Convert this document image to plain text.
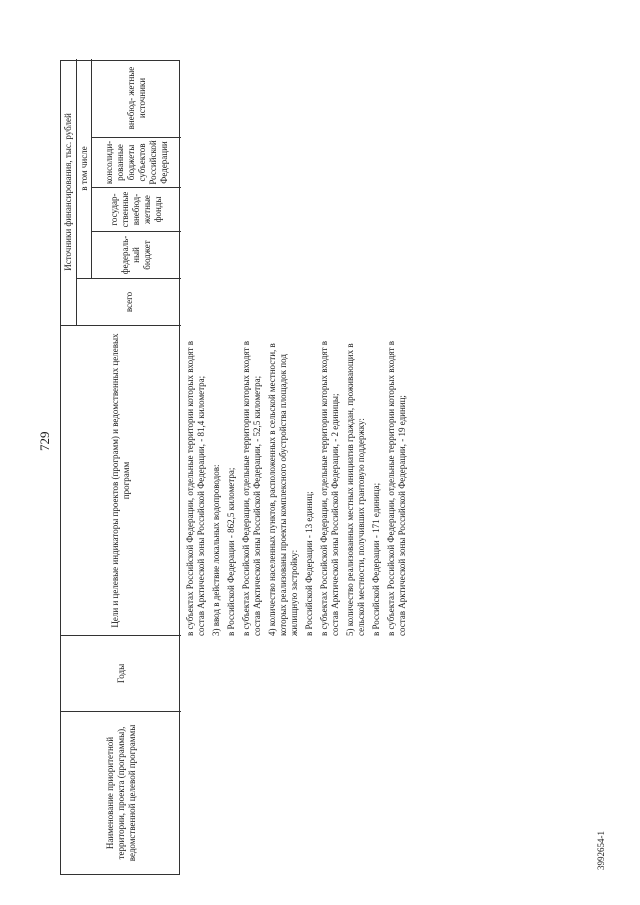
729
3992654-1
Наименование приоритетной территории, проекта (программы), ведомственной целевой программы
Годы
Цели и целевые индикаторы проектов (программ) и ведомственных целевых программ
Источники финансирования, тыс. рублей
всего
в том числе
федераль- ный бюджет
государ- ственные внебюд- жетные фонды
консолиди- рованные бюджеты субъектов Российской Федерации
внебюд- жетные источники

в субъектах Российской Федерации, отдельные территории которых входят в состав Арктической зоны Российской Федерации, - 81,4 километра; 3) ввод в действие локальных водопроводов: в Российской Федерации - 862,5 километра; в субъектах Российской Федерации, отдельные территории которых входят в состав Арктической зоны Российской Федерации, - 52,5 километра; 4) количество населенных пунктов, расположенных в сельской местности, в которых реализованы проекты комплексного обустройства площадок под жилищную застройку: в Российской Федерации - 13 единиц; в субъектах Российской Федерации, отдельные территории которых входят в состав Арктической зоны Российской Федерации, - 2 единицы; 5) количество реализованных местных инициатив граждан, проживающих в сельской местности, получивших грантовую поддержку: в Российской Федерации - 171 единица; в субъектах Российской Федерации, отдельные территории которых входят в состав Арктической зоны Российской Федерации, - 19 единиц;
